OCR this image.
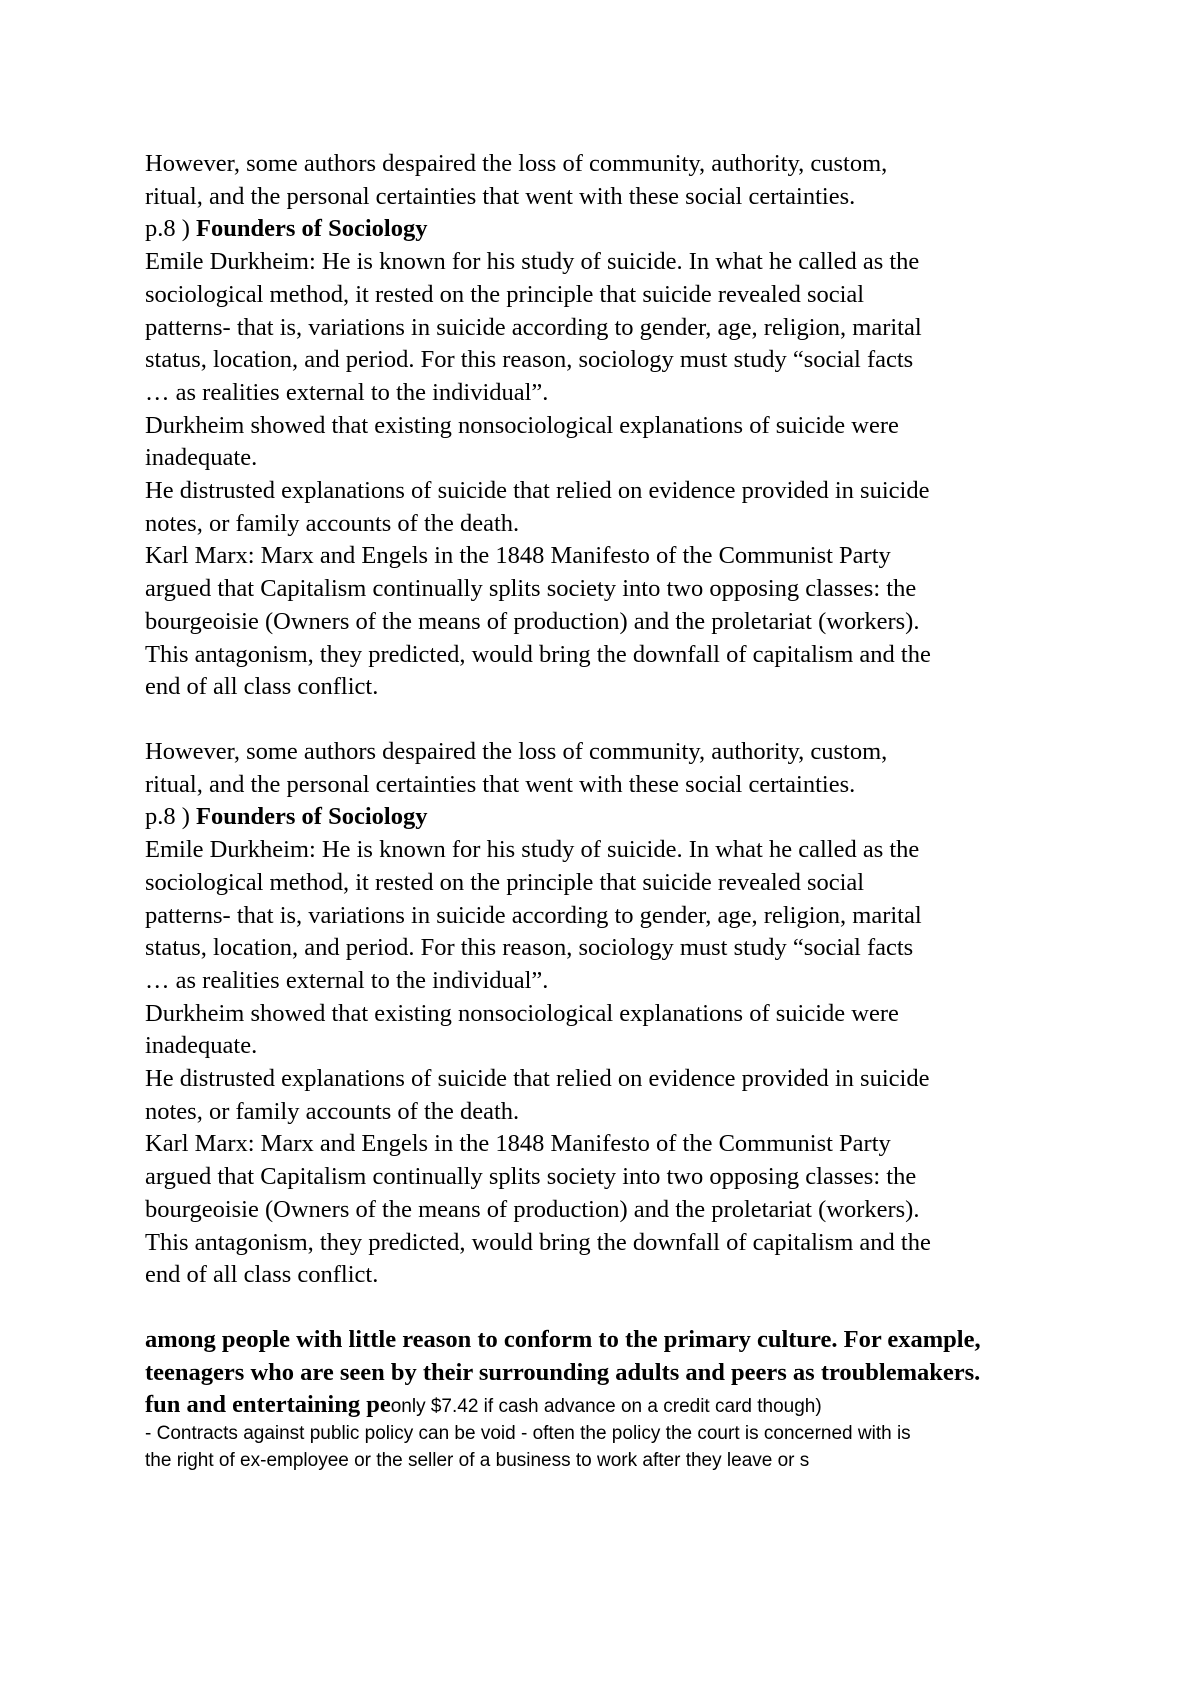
However, some authors despaired the loss of community, authority, custom,

ritual, and the personal certainties that went with these social certainties.

p.8 ) Founders of Sociology

Emile Durkheim: He is known for his study of suicide. In what he called as the

sociological method, it rested on the principle that suicide revealed social

patterns- that is, variations in suicide according to gender, age, religion, marital

status, location, and period. For this reason, sociology must study “social facts

… as realities external to the individual”.

Durkheim showed that existing nonsociological explanations of suicide were

inadequate.

He distrusted explanations of suicide that relied on evidence provided in suicide

notes, or family accounts of the death.

Karl Marx: Marx and Engels in the 1848 Manifesto of the Communist Party

argued that Capitalism continually splits society into two opposing classes: the

bourgeoisie (Owners of the means of production) and the proletariat (workers).

This antagonism, they predicted, would bring the downfall of capitalism and the

end of all class conflict.

However, some authors despaired the loss of community, authority, custom,

ritual, and the personal certainties that went with these social certainties.

p.8 ) Founders of Sociology

Emile Durkheim: He is known for his study of suicide. In what he called as the

sociological method, it rested on the principle that suicide revealed social

patterns- that is, variations in suicide according to gender, age, religion, marital

status, location, and period. For this reason, sociology must study “social facts

… as realities external to the individual”.

Durkheim showed that existing nonsociological explanations of suicide were

inadequate.

He distrusted explanations of suicide that relied on evidence provided in suicide

notes, or family accounts of the death.

Karl Marx: Marx and Engels in the 1848 Manifesto of the Communist Party

argued that Capitalism continually splits society into two opposing classes: the

bourgeoisie (Owners of the means of production) and the proletariat (workers).

This antagonism, they predicted, would bring the downfall of capitalism and the

end of all class conflict.

among people with little reason to conform to the primary culture. For example,

teenagers who are seen by their surrounding adults and peers as troublemakers.

fun and entertaining peonly $7.42 if cash advance on a credit card though)

- Contracts against public policy can be void - often the policy the court is concerned with is

the right of ex-employee or the seller of a business to work after they leave or s
